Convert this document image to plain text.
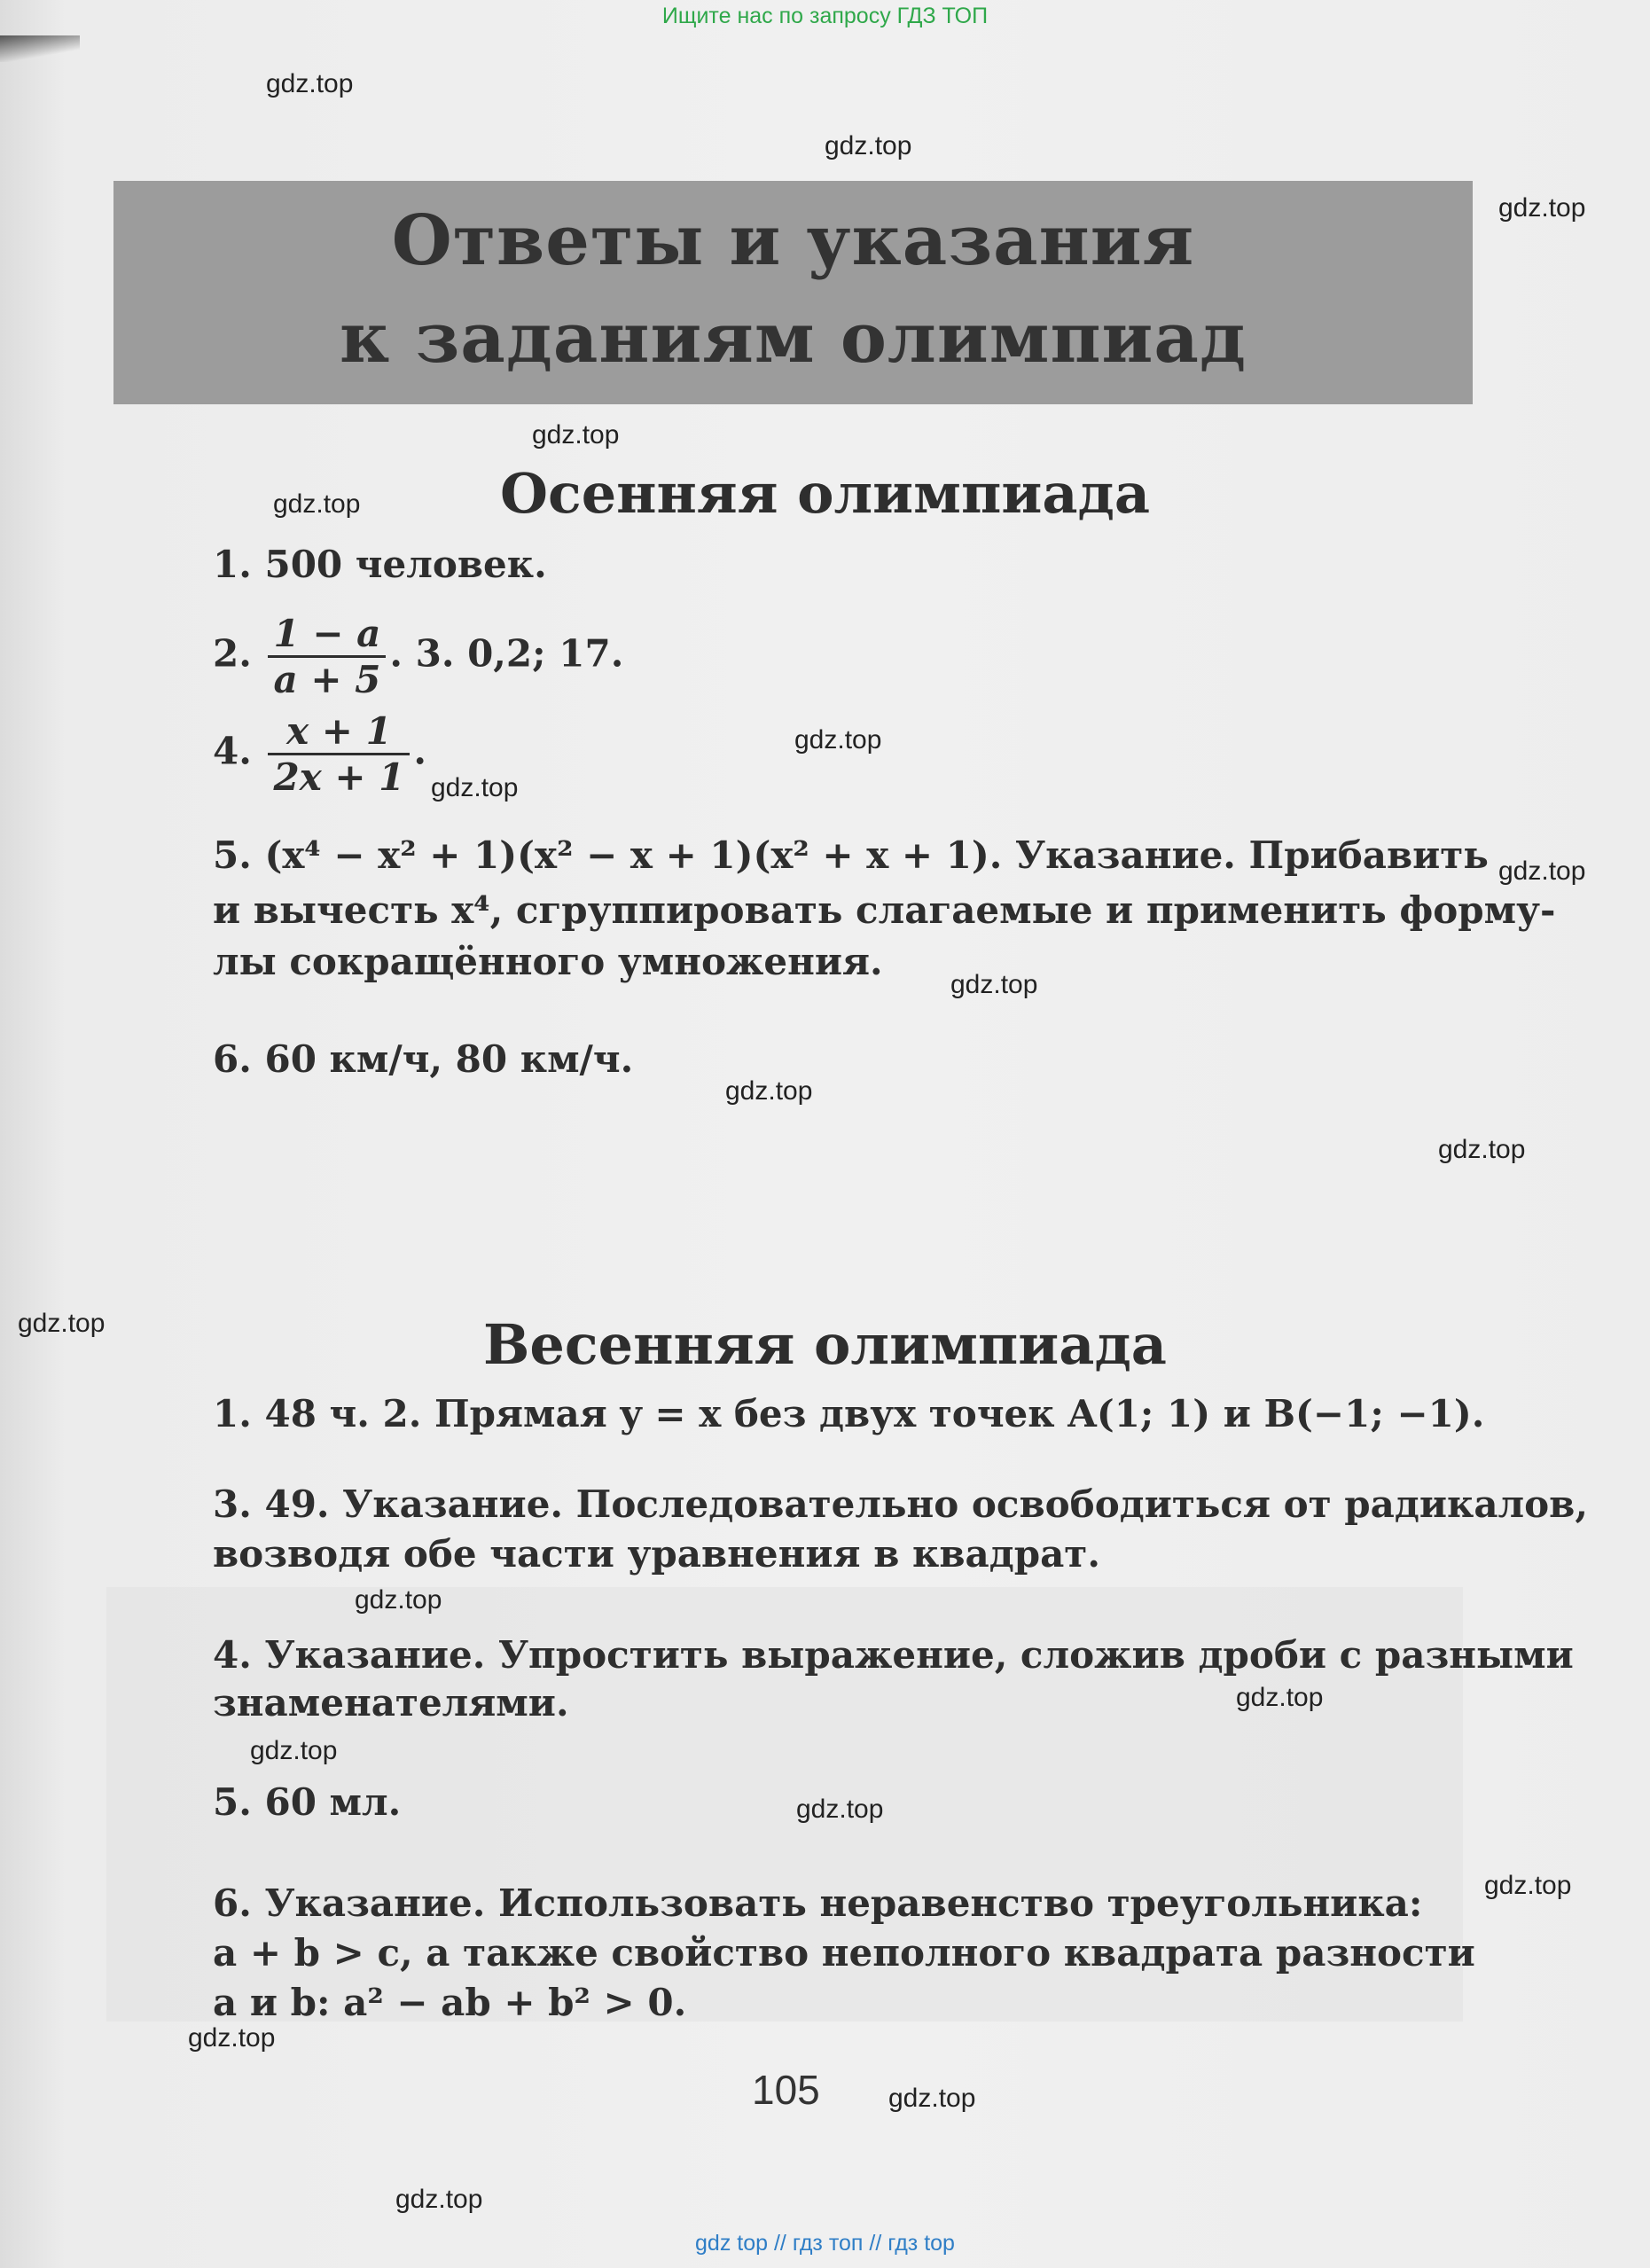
Ищите нас по запросу ГДЗ ТОП
Ответы и указания
к заданиям олимпиад
Осенняя олимпиада
1. 500 человек.
2. $\frac{1 - a}{a + 5}$ . 3. 0,2; 17.
4. $\frac{x + 1}{2x + 1}$ .
5. (x⁴ − x² + 1)(x² − x + 1)(x² + x + 1). Указание. Прибавить
и вычесть x⁴, сгруппировать слагаемые и применить форму-
лы сокращённого умножения.
6. 60 км/ч, 80 км/ч.
Весенняя олимпиада
1. 48 ч. 2. Прямая y = x без двух точек A(1; 1) и B(−1; −1).
3. 49. Указание. Последовательно освободиться от радикалов,
возводя обе части уравнения в квадрат.
4. Указание. Упростить выражение, сложив дроби с разными
знаменателями.
5. 60 мл.
6. Указание. Использовать неравенство треугольника:
a + b > c, а также свойство неполного квадрата разности
a и b: a² − ab + b² > 0.
105
gdz.top
gdz.top
gdz.top
gdz.top
gdz.top
gdz.top
gdz.top
gdz.top
gdz.top
gdz.top
gdz.top
gdz.top
gdz.top
gdz.top
gdz.top
gdz.top
gdz.top
gdz.top
gdz.top
gdz.top
gdz top // гдз топ // гдз top
